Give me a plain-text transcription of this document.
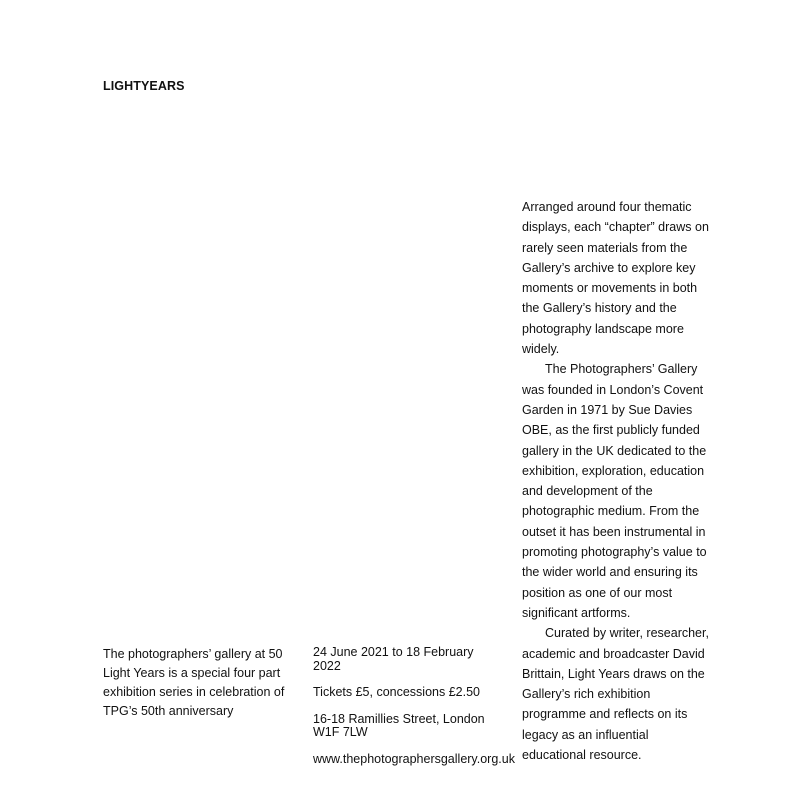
LIGHTYEARS

The photographers’ gallery at 50 Light Years is a special four part exhibition series in celebration of TPG’s 50th anniversary

24 June 2021 to 18 February 2022

Tickets £5, concessions £2.50

16-18 Ramillies Street, London W1F 7LW

www.thephotographersgallery.org.uk

Arranged around four thematic displays, each “chapter” draws on rarely seen materials from the Gallery’s archive to explore key moments or movements in both the Gallery’s history and the photography landscape more widely.

The Photographers’ Gallery was founded in London’s Covent Garden in 1971 by Sue Davies OBE, as the first publicly funded gallery in the UK dedicated to the exhibition, exploration, education and development of the photographic medium. From the outset it has been instrumental in promoting photography’s value to the wider world and ensuring its position as one of our most significant artforms.

Curated by writer, researcher, academic and broadcaster David Brittain, Light Years draws on the Gallery’s rich exhibition programme and reflects on its legacy as an influential educational resource.
